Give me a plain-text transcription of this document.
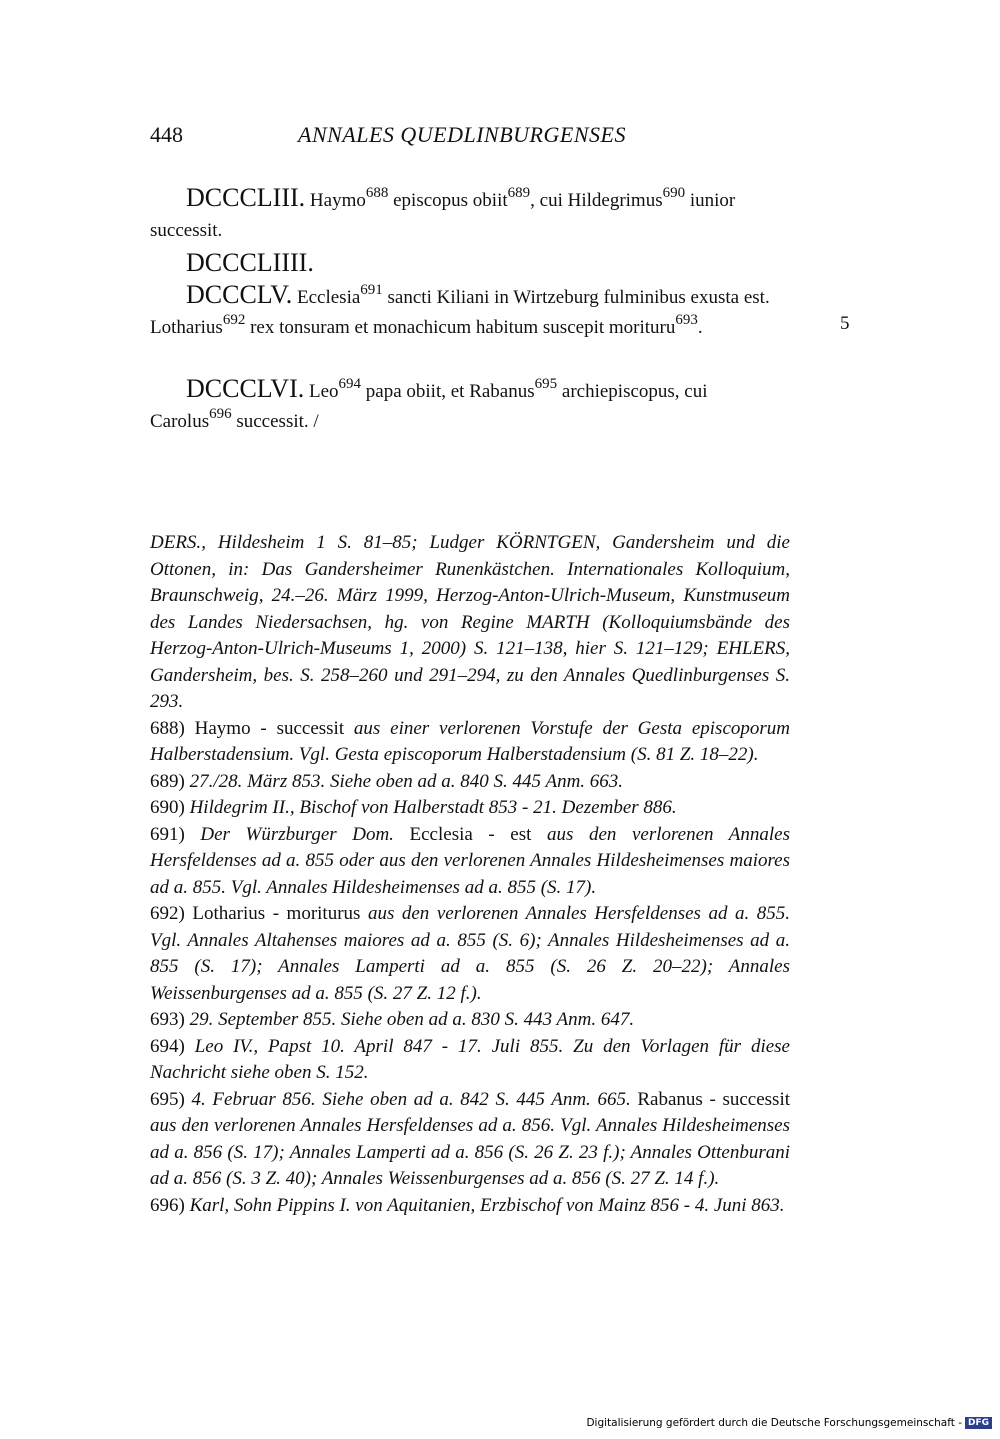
448	ANNALES QUEDLINBURGENSES
DCCCLIII. Haymo$^{688}$ episcopus obiit$^{689}$, cui Hildegrimus$^{690}$ iunior successit.
DCCCLIIII.
DCCCLV. Ecclesia$^{691}$ sancti Kiliani in Wirtzeburg fulminibus exusta est. Lotharius$^{692}$ rex tonsuram et monachicum habitum suscepit morituru$^{693}$.	5
DCCCLVI. Leo$^{694}$ papa obiit, et Rabanus$^{695}$ archiepiscopus, cui Carolus$^{696}$ successit. /

DERS., Hildesheim 1 S. 81–85; Ludger KÖRNTGEN, Gandersheim und die Ottonen, in: Das Gandersheimer Runenkästchen. Internationales Kolloquium, Braunschweig, 24.–26. März 1999, Herzog-Anton-Ulrich-Museum, Kunstmuseum des Landes Niedersachsen, hg. von Regine MARTH (Kolloquiumsbände des Herzog-Anton-Ulrich-Museums 1, 2000) S. 121–138, hier S. 121–129; EHLERS, Gandersheim, bes. S. 258–260 und 291–294, zu den Annales Quedlinburgenses S. 293.

688) Haymo - successit aus einer verlorenen Vorstufe der Gesta episcoporum Halberstadensium. Vgl. Gesta episcoporum Halberstadensium (S. 81 Z. 18–22).

689) 27./28. März 853. Siehe oben ad a. 840 S. 445 Anm. 663.

690) Hildegrim II., Bischof von Halberstadt 853 - 21. Dezember 886.

691) Der Würzburger Dom. Ecclesia - est aus den verlorenen Annales Hersfeldenses ad a. 855 oder aus den verlorenen Annales Hildesheimenses maiores ad a. 855. Vgl. Annales Hildesheimenses ad a. 855 (S. 17).

692) Lotharius - moriturus aus den verlorenen Annales Hersfeldenses ad a. 855. Vgl. Annales Altahenses maiores ad a. 855 (S. 6); Annales Hildesheimenses ad a. 855 (S. 17); Annales Lamperti ad a. 855 (S. 26 Z. 20–22); Annales Weissenburgenses ad a. 855 (S. 27 Z. 12 f.).

693) 29. September 855. Siehe oben ad a. 830 S. 443 Anm. 647.

694) Leo IV., Papst 10. April 847 - 17. Juli 855. Zu den Vorlagen für diese Nachricht siehe oben S. 152.

695) 4. Februar 856. Siehe oben ad a. 842 S. 445 Anm. 665. Rabanus - successit aus den verlorenen Annales Hersfeldenses ad a. 856. Vgl. Annales Hildesheimenses ad a. 856 (S. 17); Annales Lamperti ad a. 856 (S. 26 Z. 23 f.); Annales Ottenburani ad a. 856 (S. 3 Z. 40); Annales Weissenburgenses ad a. 856 (S. 27 Z. 14 f.).

696) Karl, Sohn Pippins I. von Aquitanien, Erzbischof von Mainz 856 - 4. Juni 863.

Digitalisierung gefördert durch die Deutsche Forschungsgemeinschaft - DFG
